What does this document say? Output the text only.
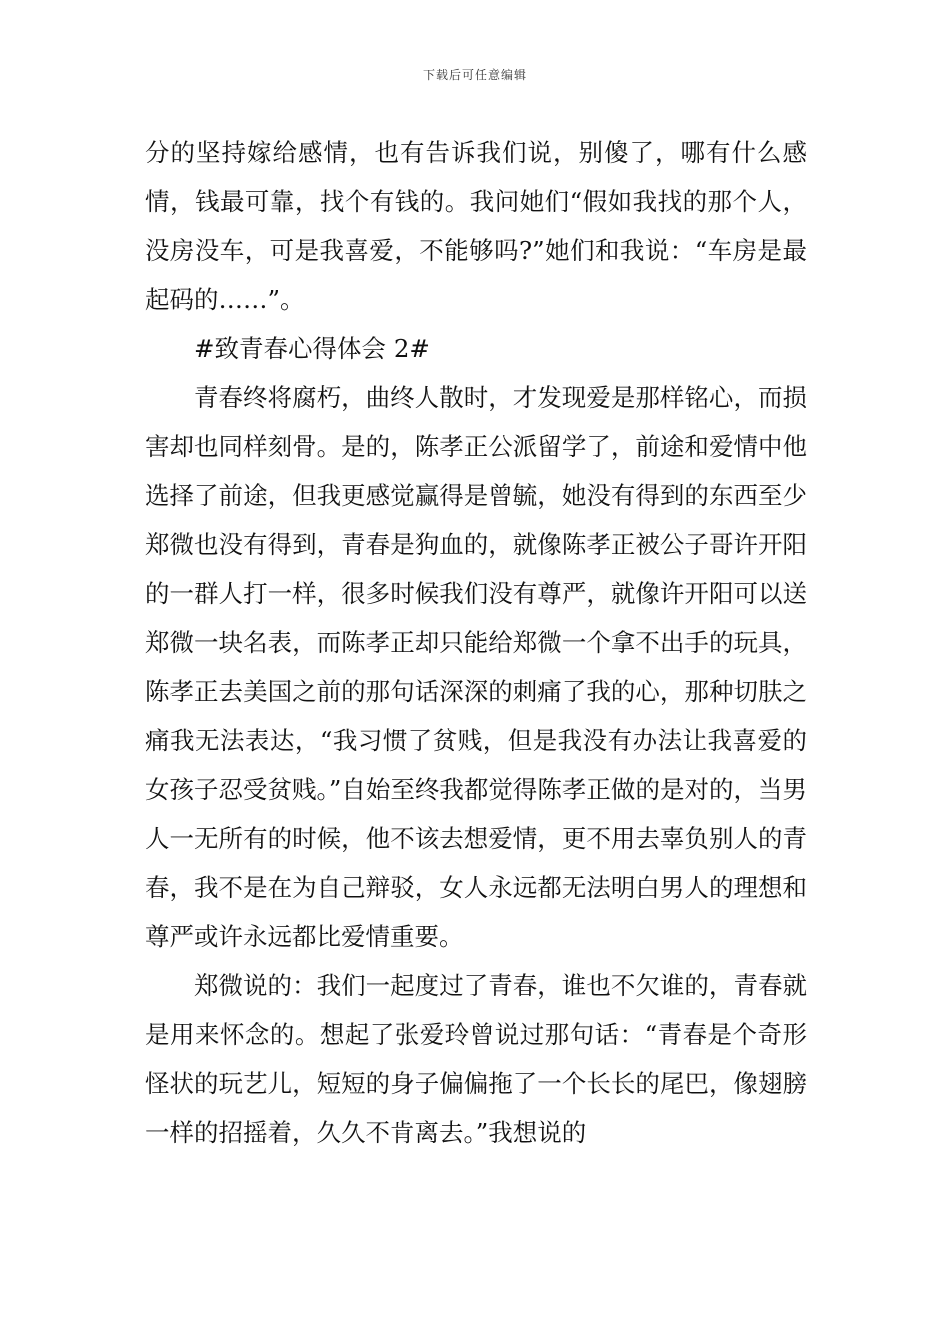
下载后可任意编辑

分的坚持嫁给感情，也有告诉我们说，别傻了，哪有什么感情，钱最可靠，找个有钱的。我问她们“假如我找的那个人，没房没车，可是我喜爱，不能够吗?”她们和我说：“车房是最起码的……”。

#致青春心得体会 2#

青春终将腐朽，曲终人散时，才发现爱是那样铭心，而损害却也同样刻骨。是的，陈孝正公派留学了，前途和爱情中他选择了前途，但我更感觉赢得是曾毓，她没有得到的东西至少郑微也没有得到，青春是狗血的，就像陈孝正被公子哥许开阳的一群人打一样，很多时候我们没有尊严，就像许开阳可以送郑微一块名表，而陈孝正却只能给郑微一个拿不出手的玩具，陈孝正去美国之前的那句话深深的刺痛了我的心，那种切肤之痛我无法表达，“我习惯了贫贱，但是我没有办法让我喜爱的女孩子忍受贫贱。”自始至终我都觉得陈孝正做的是对的，当男人一无所有的时候，他不该去想爱情，更不用去辜负别人的青春，我不是在为自己辩驳，女人永远都无法明白男人的理想和尊严或许永远都比爱情重要。

郑微说的：我们一起度过了青春，谁也不欠谁的，青春就是用来怀念的。想起了张爱玲曾说过那句话：“青春是个奇形怪状的玩艺儿，短短的身子偏偏拖了一个长长的尾巴，像翅膀一样的招摇着，久久不肯离去。”我想说的
